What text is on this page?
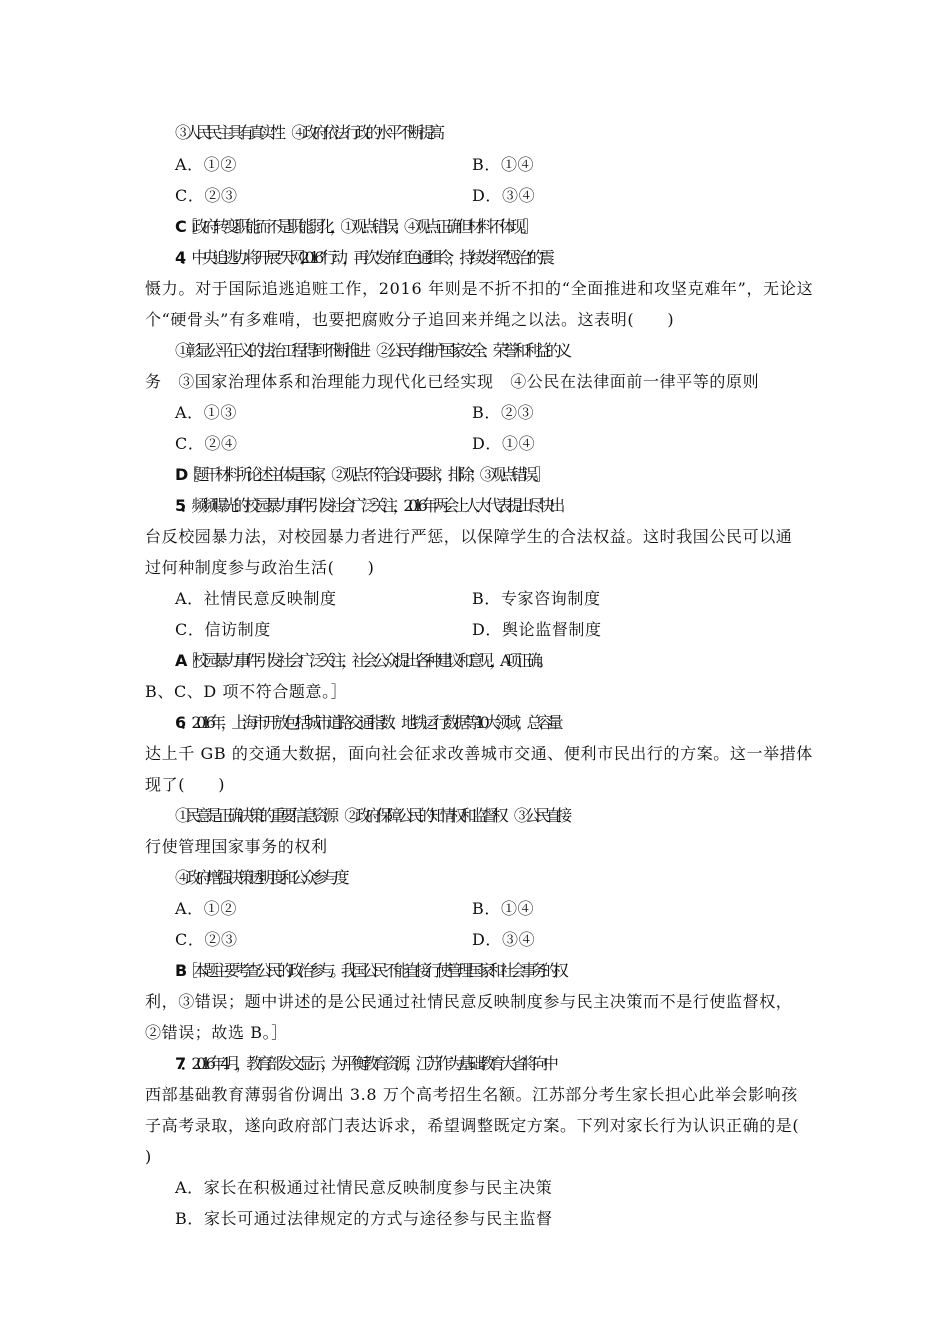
③ 人民民主具有真实性　④政府依法行政的水平不断提高
A．①②	B．①④
C．②③	D．③④
C ［政府转变职能而不是职能弱化，①观点错误；④观点正确但材料不体现。］
4．中央追逃办将开展“天网 2016” 行动，再次发布红色通缉令，持续发挥“惩治”的震
慑力。对于国际追逃追赃工作，2016 年则是不折不扣的“全面推进和攻坚克难年”，无论这
个“硬骨头”有多难啃，也要把腐败分子追回来并绳之以法。这表明(　　)
① 彰显公平正义的法治工程得到不断推进　②公民有维护国家安全、荣誉和利益的义
务　③国家治理体系和治理能力现代化已经实现　④公民在法律面前一律平等的原则
A．①③	B．②③
C．②④	D．①④
D ［题干材料所论述主体是国家，②观点不符合设问要求，排除；③观点错误。］
5．频频曝光的校园暴力事件引发社会广泛关注，2016 年两会上人大代表提出尽快出
台反校园暴力法，对校园暴力者进行严惩，以保障学生的合法权益。这时我国公民可以通
过何种制度参与政治生活(　　)
A．社情民意反映制度	B．专家咨询制度
C．信访制度	D．舆论监督制度
A ［校园暴力事件引发社会广泛关注，社会公众提出各种建议和意见，A 项正确。
B、C、D 项不符合题意。］
6．2016 年，上海市开放包括城市道路交通指数、地铁运行数据等 10 大领域，总容量
达上千 GB 的交通大数据，面向社会征求改善城市交通、便利市民出行的方案。这一举措体
现了(　　)
① 民意是正确决策的重要信息资源　②政府保障公民的知情权和监督权　③公民直接
行使管理国家事务的权利
④ 政府增强决策透明度和公众参与度
A．①②	B．①④
C．②③	D．③④
B ［本题主要考查公民的政治参与。我国公民不能直接行使管理国家和社会事务的权
利，③错误；题中讲述的是公民通过社情民意反映制度参与民主决策而不是行使监督权，
②错误；故选 B。］
7．2016 年 4 月，教育部发文显示，为平衡教育资源，江苏作为基础教育大省将向中
西部基础教育薄弱省份调出 3.8 万个高考招生名额。江苏部分考生家长担心此举会影响孩
子高考录取，遂向政府部门表达诉求，希望调整既定方案。下列对家长行为认识正确的是(
)
A．家长在积极通过社情民意反映制度参与民主决策
B．家长可通过法律规定的方式与途径参与民主监督
